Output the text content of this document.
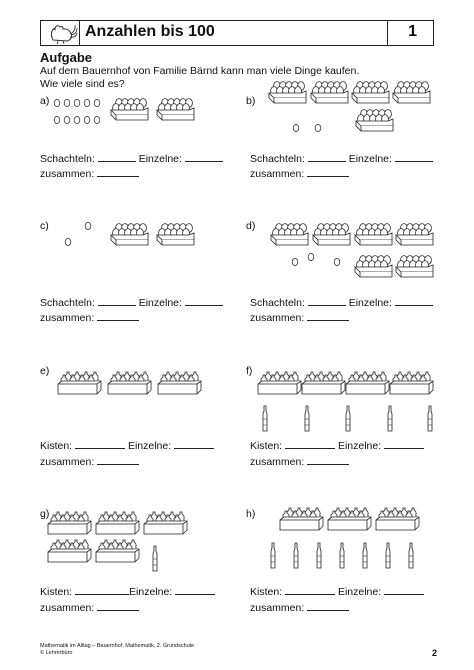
Anzahlen bis 100	1
Aufgabe
Auf dem Bauernhof von Familie Bärnd kann man viele Dinge kaufen.
Wie viele sind es?
a)
Schachteln:	Einzelne:
zusammen:
b)
Schachteln:	Einzelne:
zusammen:
c)
Schachteln:	Einzelne:
zusammen:
d)
Schachteln:	Einzelne:
zusammen:
e)
Kisten:	Einzelne:
zusammen:
f)
Kisten:	Einzelne:
zusammen:
g)
Kisten:	Einzelne:
zusammen:
h)
Kisten:	Einzelne:
zusammen:
Mathematik im Alltag – Bauernhof, Mathematik, 2. Grundschule
© Lehrerbüro	2
